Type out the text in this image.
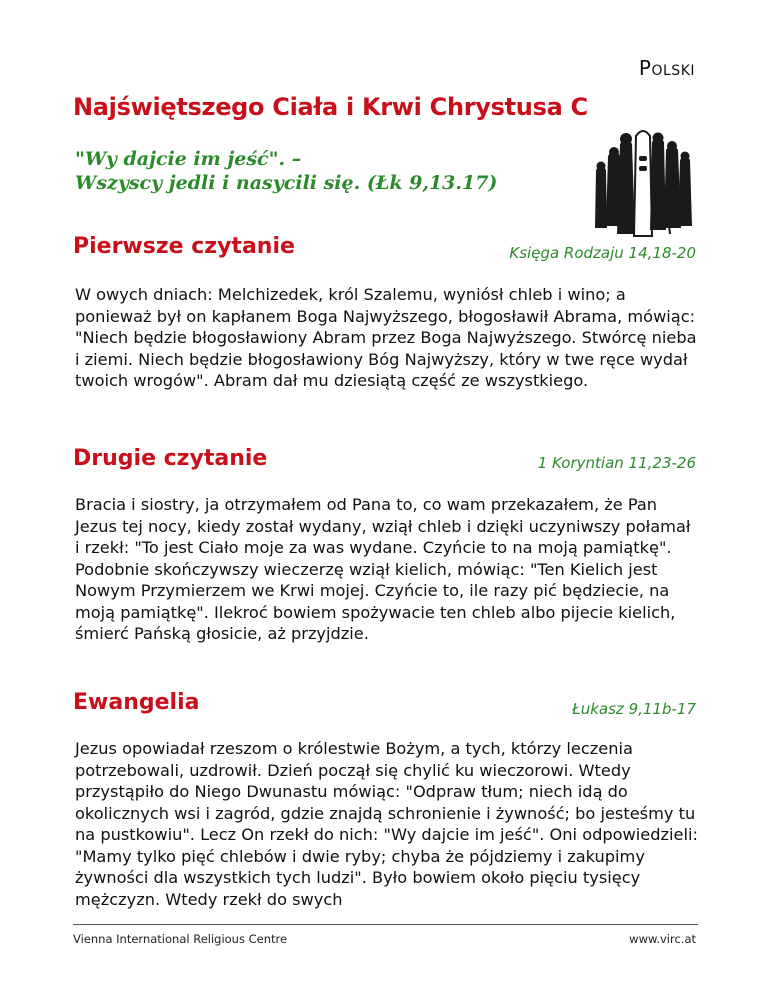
Polski
Najświętszego Ciała i Krwi Chrystusa C
"Wy dajcie im jeść". –
Wszyscy jedli i nasycili się. (Łk 9,13.17)
Pierwsze czytanie	Księga Rodzaju 14,18-20
W owych dniach: Melchizedek, król Szalemu, wyniósł chleb i wino; a ponieważ był on kapłanem Boga Najwyższego, błogosławił Abrama, mówiąc: "Niech będzie błogosławiony Abram przez Boga Najwyższego. Stwórcę nieba i ziemi. Niech będzie błogosławiony Bóg Najwyższy, który w twe ręce wydał twoich wrogów". Abram dał mu dziesiątą część ze wszystkiego.
Drugie czytanie	1 Koryntian 11,23-26
Bracia i siostry, ja otrzymałem od Pana to, co wam przekazałem, że Pan Jezus tej nocy, kiedy został wydany, wziął chleb i dzięki uczyniwszy połamał i rzekł: "To jest Ciało moje za was wydane. Czyńcie to na moją pamiątkę". Podobnie skończywszy wieczerzę wziął kielich, mówiąc: "Ten Kielich jest Nowym Przymierzem we Krwi mojej. Czyńcie to, ile razy pić będziecie, na moją pamiątkę". Ilekroć bowiem spożywacie ten chleb albo pijecie kielich, śmierć Pańską głosicie, aż przyjdzie.
Ewangelia	Łukasz 9,11b-17
Jezus opowiadał rzeszom o królestwie Bożym, a tych, którzy leczenia potrzebowali, uzdrowił. Dzień począł się chylić ku wieczorowi. Wtedy przystąpiło do Niego Dwunastu mówiąc: "Odpraw tłum; niech idą do okolicznych wsi i zagród, gdzie znajdą schronienie i żywność; bo jesteśmy tu na pustkowiu". Lecz On rzekł do nich: "Wy dajcie im jeść". Oni odpowiedzieli: "Mamy tylko pięć chlebów i dwie ryby; chyba że pójdziemy i zakupimy żywności dla wszystkich tych ludzi". Było bowiem około pięciu tysięcy mężczyzn. Wtedy rzekł do swych
Vienna International Religious Centre	www.virc.at
